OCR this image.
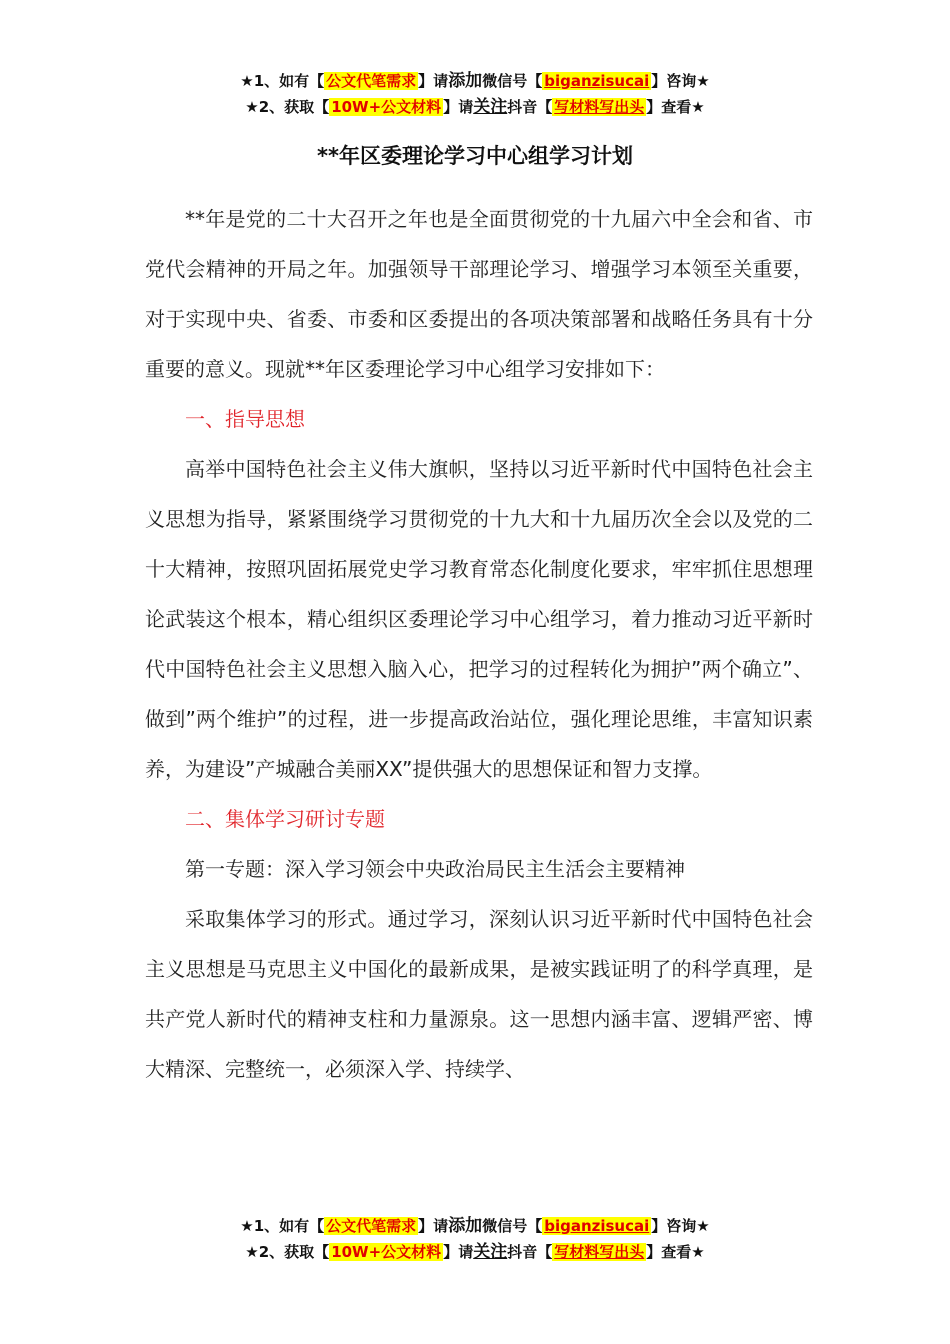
★1、如有【 公文代笔需求 】请添加微信号【 biganzisucai 】咨询★
★2、获取【 10W+公文材料 】请关注抖音【 写材料写出头 】查看★
**年区委理论学习中心组学习计划

**年是党的二十大召开之年也是全面贯彻党的十九届六中全会和省、市党代会精神的开局之年。加强领导干部理论学习、增强学习本领至关重要，对于实现中央、省委、市委和区委提出的各项决策部署和战略任务具有十分重要的意义。现就**年区委理论学习中心组学习安排如下：

一、指导思想

高举中国特色社会主义伟大旗帜，坚持以习近平新时代中国特色社会主义思想为指导，紧紧围绕学习贯彻党的十九大和十九届历次全会以及党的二十大精神，按照巩固拓展党史学习教育常态化制度化要求，牢牢抓住思想理论武装这个根本，精心组织区委理论学习中心组学习，着力推动习近平新时代中国特色社会主义思想入脑入心，把学习的过程转化为拥护”两个确立”、做到”两个维护”的过程，进一步提高政治站位，强化理论思维，丰富知识素养，为建设”产城融合美丽XX”提供强大的思想保证和智力支撑。

二、集体学习研讨专题

第一专题：深入学习领会中央政治局民主生活会主要精神

采取集体学习的形式。通过学习，深刻认识习近平新时代中国特色社会主义思想是马克思主义中国化的最新成果，是被实践证明了的科学真理，是共产党人新时代的精神支柱和力量源泉。这一思想内涵丰富、逻辑严密、博大精深、完整统一，必须深入学、持续学、

★1、如有【 公文代笔需求 】请添加微信号【 biganzisucai 】咨询★
★2、获取【 10W+公文材料 】请关注抖音【 写材料写出头 】查看★
